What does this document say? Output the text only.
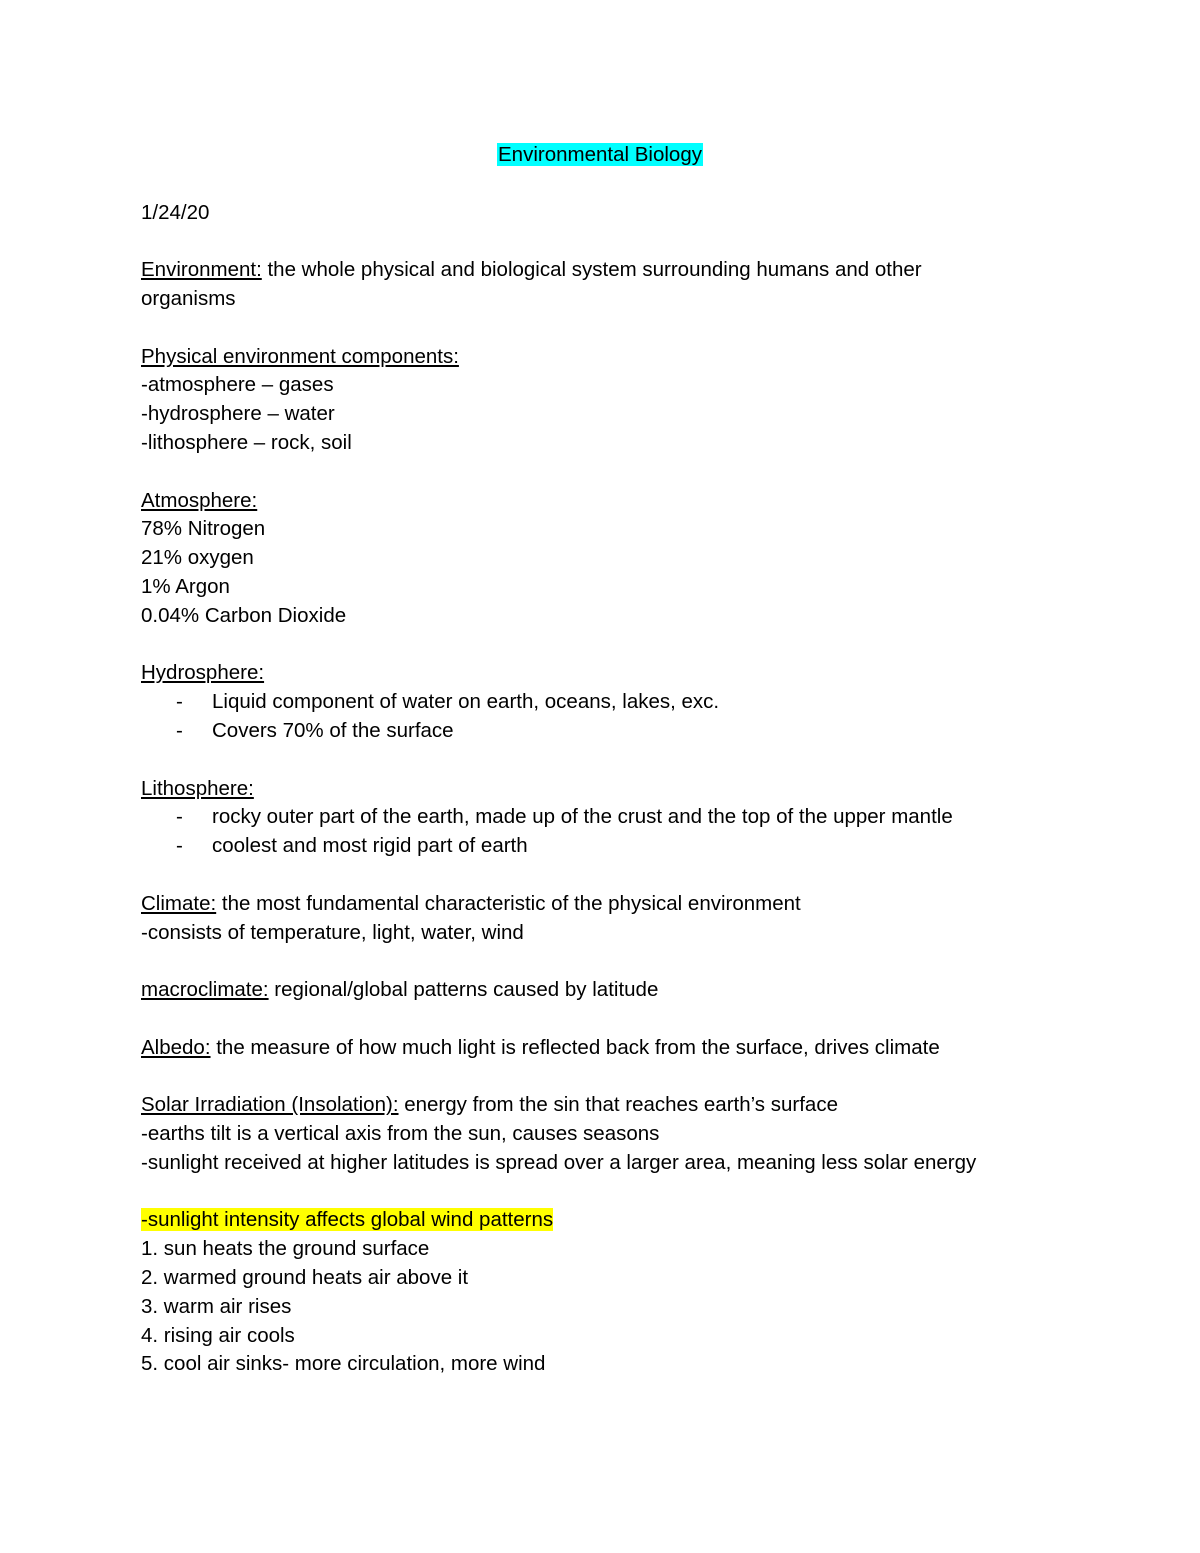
Environmental Biology
1/24/20
Environment: the whole physical and biological system surrounding humans and other organisms
Physical environment components:
-atmosphere – gases
-hydrosphere – water
-lithosphere – rock, soil
Atmosphere:
78% Nitrogen
21% oxygen
1% Argon
0.04% Carbon Dioxide
Hydrosphere:
-	Liquid component of water on earth, oceans, lakes, exc.
-	Covers 70% of the surface
Lithosphere:
-	rocky outer part of the earth, made up of the crust and the top of the upper mantle
-	coolest and most rigid part of earth
Climate: the most fundamental characteristic of the physical environment
-consists of temperature, light, water, wind
macroclimate: regional/global patterns caused by latitude
Albedo: the measure of how much light is reflected back from the surface, drives climate
Solar Irradiation (Insolation): energy from the sin that reaches earth’s surface
-earths tilt is a vertical axis from the sun, causes seasons
-sunlight received at higher latitudes is spread over a larger area, meaning less solar energy
-sunlight intensity affects global wind patterns
1. sun heats the ground surface
2. warmed ground heats air above it
3. warm air rises
4. rising air cools
5. cool air sinks- more circulation, more wind
